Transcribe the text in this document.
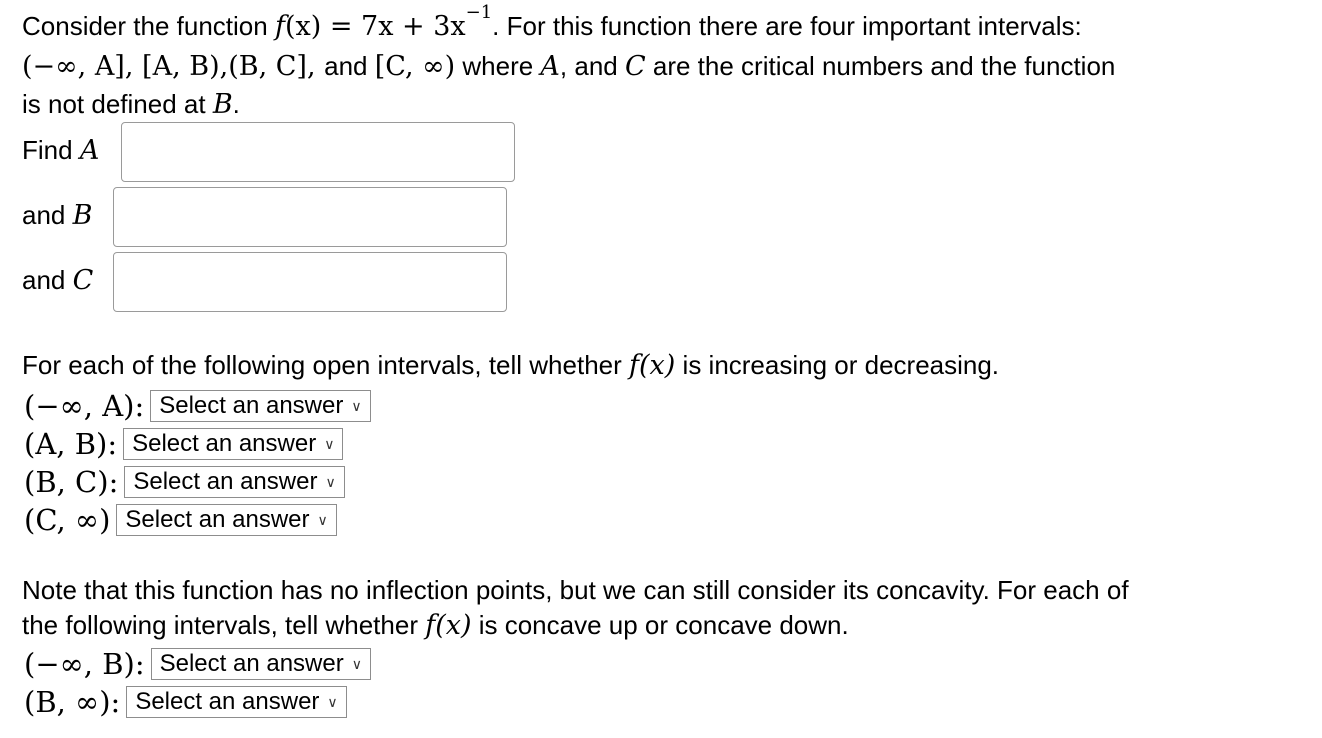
Consider the function $f(x) = 7x + 3x^{-1}$. For this function there are four important intervals:
(−∞, A], [A, B),(B, C], and [C, ∞) where A, and C are the critical numbers and the function
is not defined at B.
Find A
and B
and C
For each of the following open intervals, tell whether f(x) is increasing or decreasing.
(−∞, A): Select an answer ∨
(A, B): Select an answer ∨
(B, C): Select an answer ∨
(C, ∞) Select an answer ∨
Note that this function has no inflection points, but we can still consider its concavity. For each of
the following intervals, tell whether f(x) is concave up or concave down.
(−∞, B): Select an answer ∨
(B, ∞): Select an answer ∨
